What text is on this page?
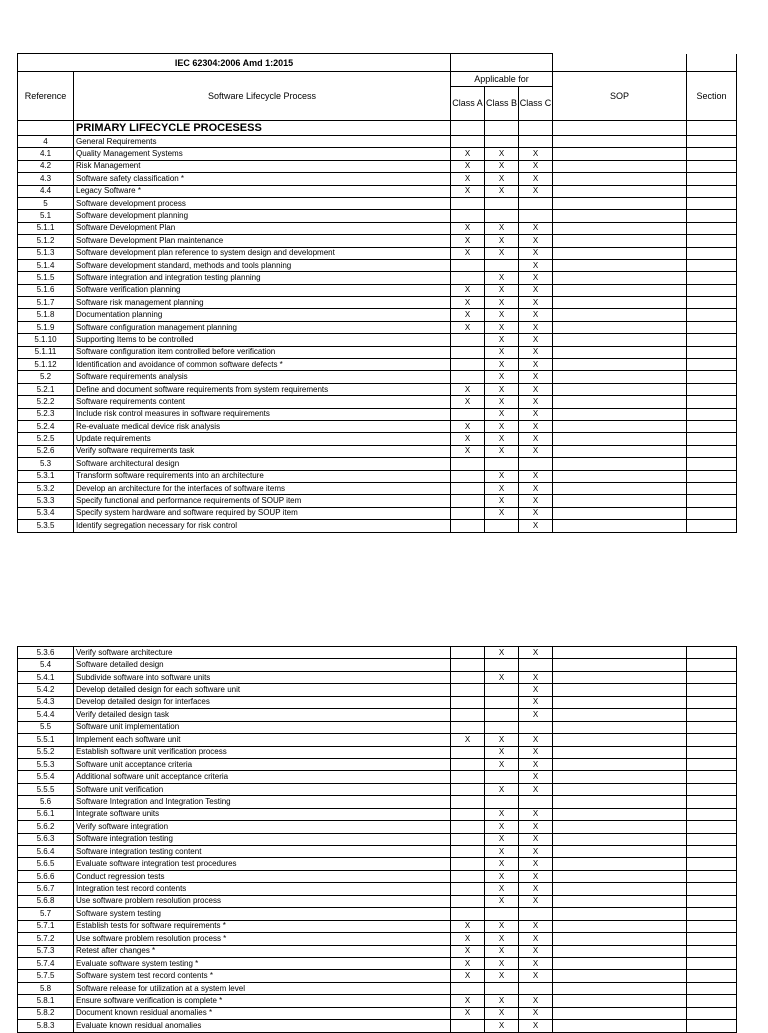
IEC 62304:2006 Amd 1:2015						
Reference	Software Lifecycle Process	Applicable for			SOP	Section
		Class A	Class B	Class C		
	PRIMARY LIFECYCLE PROCESESS					
4	General Requirements					
4.1	Quality Management Systems	X	X	X		
4.2	Risk Management	X	X	X		
4.3	Software safety classification *	X	X	X		
4.4	Legacy Software *	X	X	X		
5	Software development process					
5.1	Software development planning					
5.1.1	Software Development Plan	X	X	X		
5.1.2	Software Development Plan maintenance	X	X	X		
5.1.3	Software development plan reference to system design and development	X	X	X		
5.1.4	Software development standard, methods and tools planning			X		
5.1.5	Software integration and integration testing planning		X	X		
5.1.6	Software verification planning	X	X	X		
5.1.7	Software risk management planning	X	X	X		
5.1.8	Documentation planning	X	X	X		
5.1.9	Software configuration management planning	X	X	X		
5.1.10	Supporting Items to be controlled		X	X		
5.1.11	Software configuration item controlled before verification		X	X		
5.1.12	Identification and avoidance of common software defects *		X	X		
5.2	Software requirements analysis		X	X		
5.2.1	Define and document software requirements from system requirements	X	X	X		
5.2.2	Software requirements content	X	X	X		
5.2.3	Include risk control measures in software requirements		X	X		
5.2.4	Re-evaluate medical device risk analysis	X	X	X		
5.2.5	Update requirements	X	X	X		
5.2.6	Verify software requirements task	X	X	X		
5.3	Software architectural design					
5.3.1	Transform software requirements into an architecture		X	X		
5.3.2	Develop an architecture for the interfaces of software items		X	X		
5.3.3	Specify functional and performance requirements of SOUP item		X	X		
5.3.4	Specify system hardware and software required by SOUP item		X	X		
5.3.5	Identify segregation necessary for risk control			X		
5.3.6	Verify software architecture		X	X		
5.4	Software detailed design					
5.4.1	Subdivide software into software units		X	X		
5.4.2	Develop detailed design for each software unit			X		
5.4.3	Develop detailed design for interfaces			X		
5.4.4	Verify detailed design task			X		
5.5	Software unit implementation					
5.5.1	Implement each software unit	X	X	X		
5.5.2	Establish software unit verification process		X	X		
5.5.3	Software unit acceptance criteria		X	X		
5.5.4	Additional software unit acceptance criteria			X		
5.5.5	Software unit verification		X	X		
5.6	Software Integration and Integration Testing					
5.6.1	Integrate software units		X	X		
5.6.2	Verify software integration		X	X		
5.6.3	Software integration testing		X	X		
5.6.4	Software integration testing content		X	X		
5.6.5	Evaluate software integration test procedures		X	X		
5.6.6	Conduct regression tests		X	X		
5.6.7	Integration test record contents		X	X		
5.6.8	Use software problem resolution process		X	X		
5.7	Software system testing					
5.7.1	Establish tests for software requirements *	X	X	X		
5.7.2	Use software problem resolution process *	X	X	X		
5.7.3	Retest after changes *	X	X	X		
5.7.4	Evaluate software system testing *	X	X	X		
5.7.5	Software system test record contents *	X	X	X		
5.8	Software release for utilization at a system level					
5.8.1	Ensure software verification is complete *	X	X	X		
5.8.2	Document known residual anomalies *	X	X	X		
5.8.3	Evaluate known residual anomalies		X	X		
